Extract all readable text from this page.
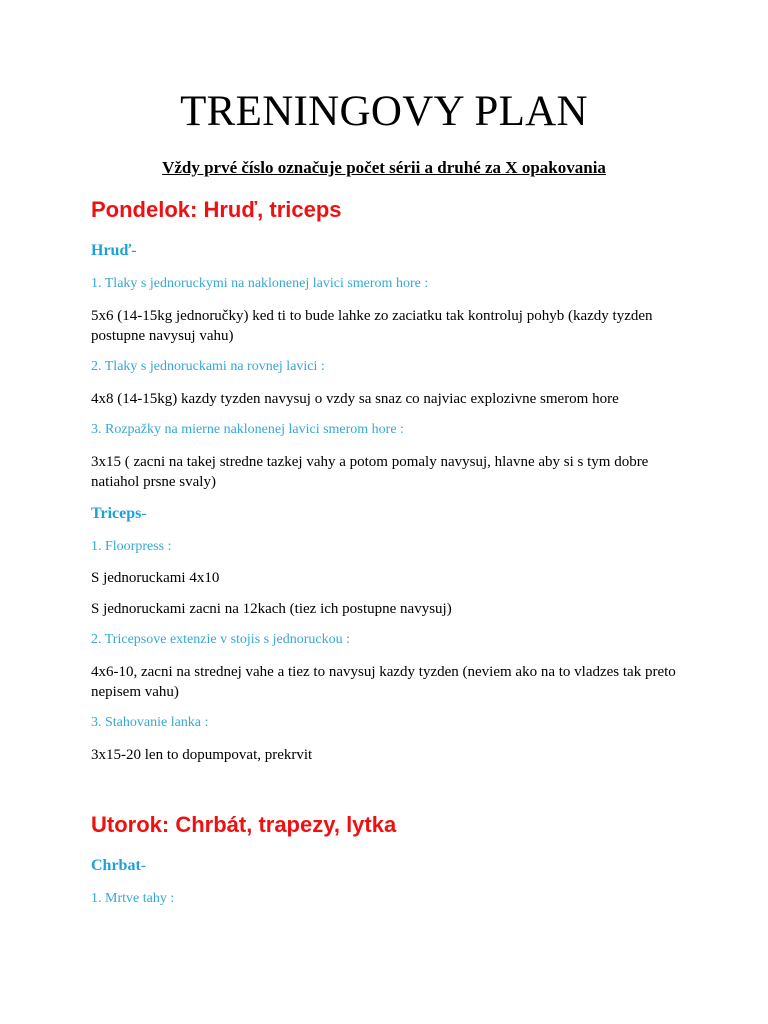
TRENINGOVY PLAN
Vždy prvé číslo označuje počet sérii a druhé za X opakovania
Pondelok: Hruď, triceps
Hruď-
1. Tlaky s jednoruckymi na naklonenej lavici smerom hore :
5x6 (14-15kg jednoručky) ked ti to bude lahke zo zaciatku tak kontroluj pohyb (kazdy tyzden postupne navysuj vahu)
2. Tlaky s jednoruckami na rovnej lavici :
4x8 (14-15kg) kazdy tyzden navysuj o vzdy sa snaz co najviac explozivne smerom hore
3. Rozpažky na mierne naklonenej lavici smerom hore :
3x15 ( zacni na takej stredne tazkej vahy a potom pomaly navysuj, hlavne aby si s tym dobre natiahol prsne svaly)
Triceps-
1. Floorpress :
S jednoruckami 4x10
S jednoruckami zacni na 12kach (tiez ich postupne navysuj)
2. Tricepsove extenzie v stojis s jednoruckou :
4x6-10, zacni na strednej vahe a tiez to navysuj kazdy tyzden (neviem ako na to vladzes tak preto nepisem vahu)
3. Stahovanie lanka :
3x15-20 len to dopumpovat, prekrvit
Utorok: Chrbát, trapezy, lytka
Chrbat-
1. Mrtve tahy :
